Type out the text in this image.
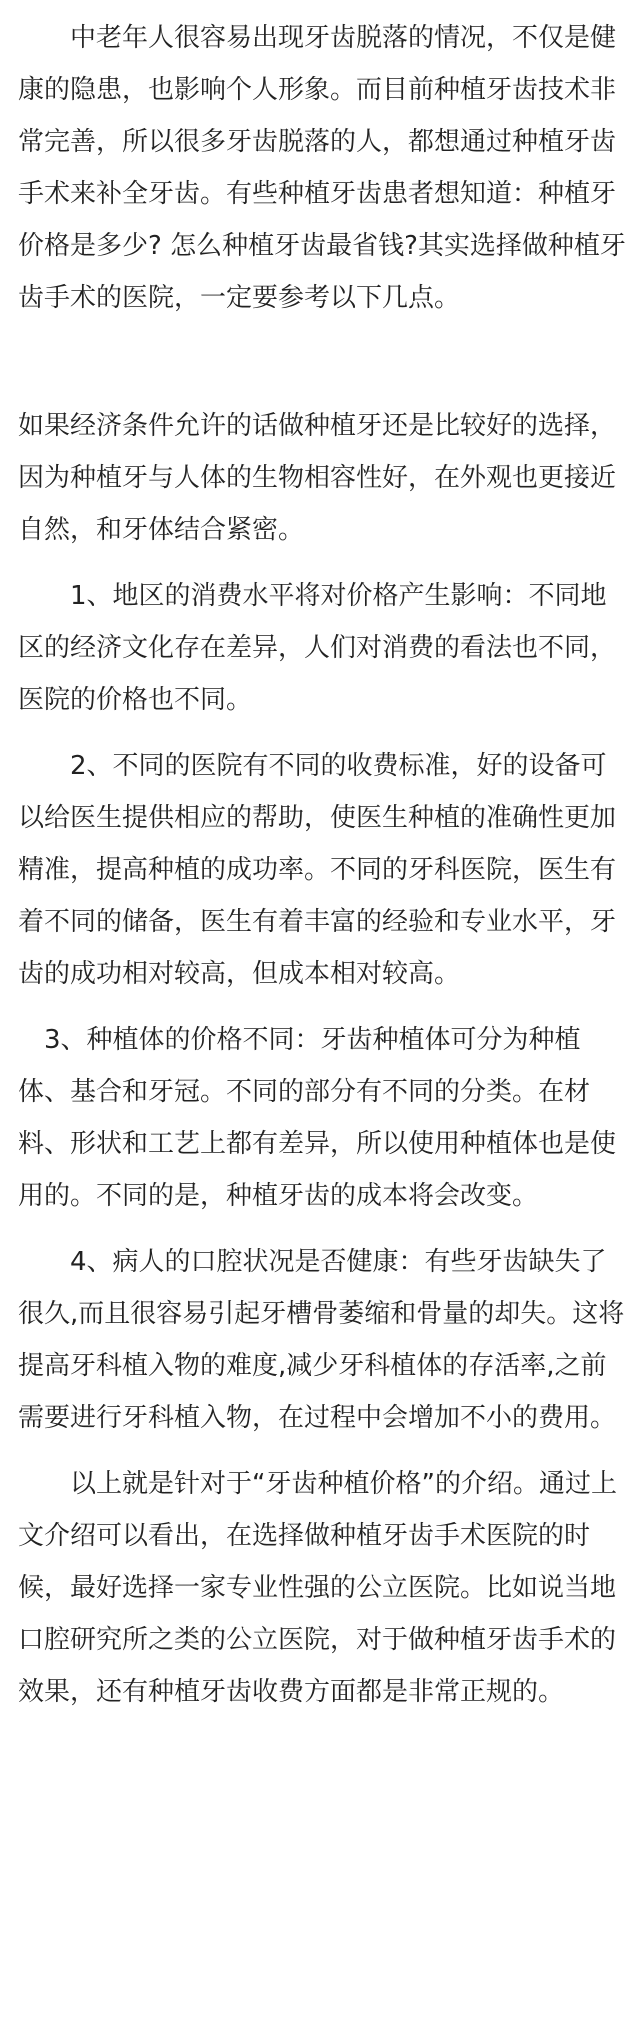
中老年人很容易出现牙齿脱落的情况，不仅是健康的隐患，也影响个人形象。而目前种植牙齿技术非常完善，所以很多牙齿脱落的人，都想通过种植牙齿手术来补全牙齿。有些种植牙齿患者想知道：种植牙价格是多少? 怎么种植牙齿最省钱?其实选择做种植牙齿手术的医院，一定要参考以下几点。

如果经济条件允许的话做种植牙还是比较好的选择，因为种植牙与人体的生物相容性好，在外观也更接近自然，和牙体结合紧密。

1、地区的消费水平将对价格产生影响：不同地区的经济文化存在差异，人们对消费的看法也不同，医院的价格也不同。

2、不同的医院有不同的收费标准，好的设备可以给医生提供相应的帮助，使医生种植的准确性更加精准，提高种植的成功率。不同的牙科医院，医生有着不同的储备，医生有着丰富的经验和专业水平，牙齿的成功相对较高，但成本相对较高。

3、种植体的价格不同：牙齿种植体可分为种植体、基合和牙冠。不同的部分有不同的分类。在材料、形状和工艺上都有差异，所以使用种植体也是使用的。不同的是，种植牙齿的成本将会改变。

4、病人的口腔状况是否健康：有些牙齿缺失了很久,而且很容易引起牙槽骨萎缩和骨量的却失。这将提高牙科植入物的难度,减少牙科植体的存活率,之前需要进行牙科植入物，在过程中会增加不小的费用。

以上就是针对于“牙齿种植价格”的介绍。通过上文介绍可以看出，在选择做种植牙齿手术医院的时候，最好选择一家专业性强的公立医院。比如说当地口腔研究所之类的公立医院，对于做种植牙齿手术的效果，还有种植牙齿收费方面都是非常正规的。
